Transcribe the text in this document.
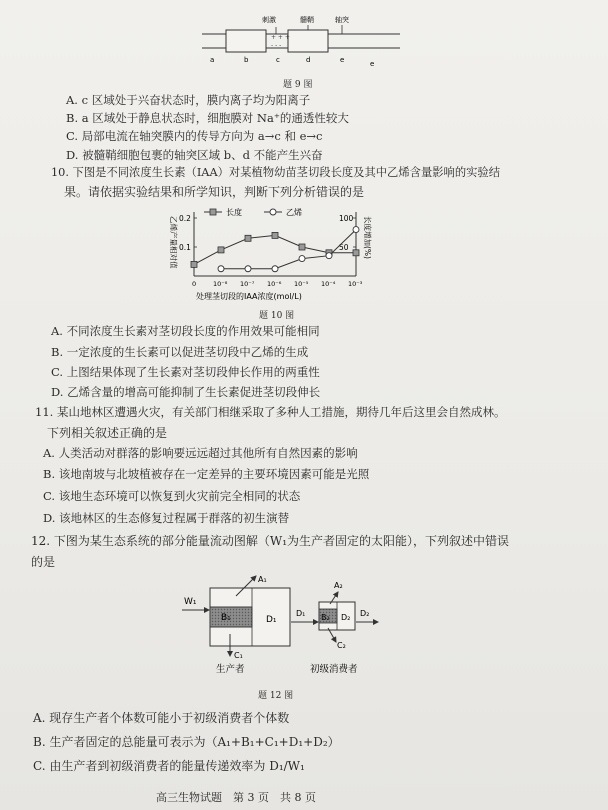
+ + +
- - -
刺激	髓鞘	轴突
a	b	c	d	e	e
题 9 图
A. c 区域处于兴奋状态时，膜内离子均为阳离子
B. a 区域处于静息状态时，细胞膜对 Na⁺的通透性较大
C. 局部电流在轴突膜内的传导方向为 a→c 和 e→c
D. 被髓鞘细胞包裹的轴突区域 b、d 不能产生兴奋
10. 下图是不同浓度生长素（IAA）对某植物幼苗茎切段长度及其中乙烯含量影响的实验结
果。请依据实验结果和所学知识，判断下列分析错误的是
长度	乙烯
乙烯产量相对值	长度增加(%)
处理茎切段的IAA浓度(mol/L)
0.1
0.2
50
100
0	10⁻⁸ 10⁻⁷ 10⁻⁶ 10⁻⁵ 10⁻⁴ 10⁻³
题 10 图
A. 不同浓度生长素对茎切段长度的作用效果可能相同
B. 一定浓度的生长素可以促进茎切段中乙烯的生成
C. 上图结果体现了生长素对茎切段伸长作用的两重性
D. 乙烯含量的增高可能抑制了生长素促进茎切段伸长
11. 某山地林区遭遇火灾，有关部门相继采取了多种人工措施，期待几年后这里会自然成林。
下列相关叙述正确的是
A. 人类活动对群落的影响要远远超过其他所有自然因素的影响
B. 该地南坡与北坡植被存在一定差异的主要环境因素可能是光照
C. 该地生态环境可以恢复到火灾前完全相同的状态
D. 该地林区的生态修复过程属于群落的初生演替
12. 下图为某生态系统的部分能量流动图解（W₁为生产者固定的太阳能），下列叙述中错误
的是
B₁	D₁
W₁
A₁
C₁
生产者
D₁ B₂ D₂
A₂
C₂
D₂
初级消费者
题 12 图
A. 现存生产者个体数可能小于初级消费者个体数
B. 生产者固定的总能量可表示为（A₁+B₁+C₁+D₁+D₂）
C. 由生产者到初级消费者的能量传递效率为 D₁/W₁
高三生物试题　第 3 页　共 8 页
